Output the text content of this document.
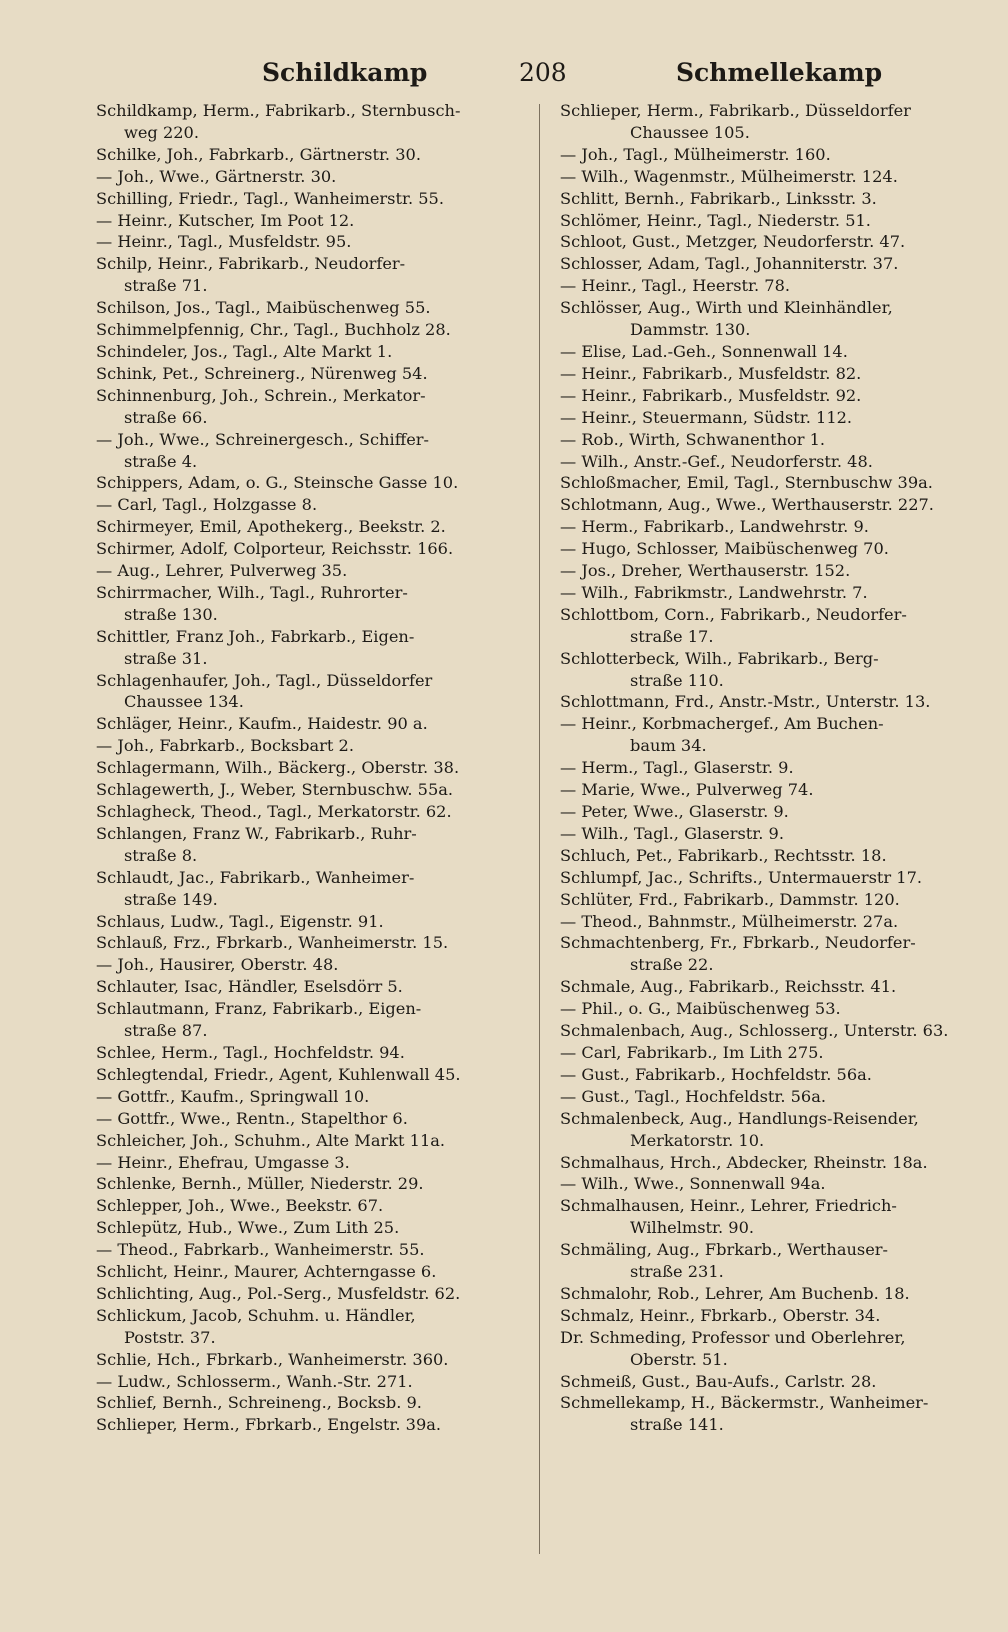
Schildkamp	208	Schmellekamp

Schildkamp, Herm., Fabrikarb., Sternbusch-

weg 220.

Schilke, Joh., Fabrkarb., Gärtnerstr. 30.

— Joh., Wwe., Gärtnerstr. 30.

Schilling, Friedr., Tagl., Wanheimerstr. 55.

— Heinr., Kutscher, Im Poot 12.

— Heinr., Tagl., Musfeldstr. 95.

Schilp, Heinr., Fabrikarb., Neudorfer-

straße 71.

Schilson, Jos., Tagl., Maibüschenweg 55.

Schimmelpfennig, Chr., Tagl., Buchholz 28.

Schindeler, Jos., Tagl., Alte Markt 1.

Schink, Pet., Schreinerg., Nürenweg 54.

Schinnenburg, Joh., Schrein., Merkator-

straße 66.

— Joh., Wwe., Schreinergesch., Schiffer-

straße 4.

Schippers, Adam, o. G., Steinsche Gasse 10.

— Carl, Tagl., Holzgasse 8.

Schirmeyer, Emil, Apothekerg., Beekstr. 2.

Schirmer, Adolf, Colporteur, Reichsstr. 166.

— Aug., Lehrer, Pulverweg 35.

Schirrmacher, Wilh., Tagl., Ruhrorter-

straße 130.

Schittler, Franz Joh., Fabrkarb., Eigen-

straße 31.

Schlagenhaufer, Joh., Tagl., Düsseldorfer

Chaussee 134.

Schläger, Heinr., Kaufm., Haidestr. 90 a.

— Joh., Fabrkarb., Bocksbart 2.

Schlagermann, Wilh., Bäckerg., Oberstr. 38.

Schlagewerth, J., Weber, Sternbuschw. 55a.

Schlagheck, Theod., Tagl., Merkatorstr. 62.

Schlangen, Franz W., Fabrikarb., Ruhr-

straße 8.

Schlaudt, Jac., Fabrikarb., Wanheimer-

straße 149.

Schlaus, Ludw., Tagl., Eigenstr. 91.

Schlauß, Frz., Fbrkarb., Wanheimerstr. 15.

— Joh., Hausirer, Oberstr. 48.

Schlauter, Isac, Händler, Eselsdörr 5.

Schlautmann, Franz, Fabrikarb., Eigen-

straße 87.

Schlee, Herm., Tagl., Hochfeldstr. 94.

Schlegtendal, Friedr., Agent, Kuhlenwall 45.

— Gottfr., Kaufm., Springwall 10.

— Gottfr., Wwe., Rentn., Stapelthor 6.

Schleicher, Joh., Schuhm., Alte Markt 11a.

— Heinr., Ehefrau, Umgasse 3.

Schlenke, Bernh., Müller, Niederstr. 29.

Schlepper, Joh., Wwe., Beekstr. 67.

Schlepütz, Hub., Wwe., Zum Lith 25.

— Theod., Fabrkarb., Wanheimerstr. 55.

Schlicht, Heinr., Maurer, Achterngasse 6.

Schlichting, Aug., Pol.-Serg., Musfeldstr. 62.

Schlickum, Jacob, Schuhm. u. Händler,

Poststr. 37.

Schlie, Hch., Fbrkarb., Wanheimerstr. 360.

— Ludw., Schlosserm., Wanh.-Str. 271.

Schlief, Bernh., Schreineng., Bocksb. 9.

Schlieper, Herm., Fbrkarb., Engelstr. 39a.

Schlieper, Herm., Fabrikarb., Düsseldorfer

Chaussee 105.

— Joh., Tagl., Mülheimerstr. 160.

— Wilh., Wagenmstr., Mülheimerstr. 124.

Schlitt, Bernh., Fabrikarb., Linksstr. 3.

Schlömer, Heinr., Tagl., Niederstr. 51.

Schloot, Gust., Metzger, Neudorferstr. 47.

Schlosser, Adam, Tagl., Johanniterstr. 37.

— Heinr., Tagl., Heerstr. 78.

Schlösser, Aug., Wirth und Kleinhändler,

Dammstr. 130.

— Elise, Lad.-Geh., Sonnenwall 14.

— Heinr., Fabrikarb., Musfeldstr. 82.

— Heinr., Fabrikarb., Musfeldstr. 92.

— Heinr., Steuermann, Südstr. 112.

— Rob., Wirth, Schwanenthor 1.

— Wilh., Anstr.-Gef., Neudorferstr. 48.

Schloßmacher, Emil, Tagl., Sternbuschw 39a.

Schlotmann, Aug., Wwe., Werthauserstr. 227.

— Herm., Fabrikarb., Landwehrstr. 9.

— Hugo, Schlosser, Maibüschenweg 70.

— Jos., Dreher, Werthauserstr. 152.

— Wilh., Fabrikmstr., Landwehrstr. 7.

Schlottbom, Corn., Fabrikarb., Neudorfer-

straße 17.

Schlotterbeck, Wilh., Fabrikarb., Berg-

straße 110.

Schlottmann, Frd., Anstr.-Mstr., Unterstr. 13.

— Heinr., Korbmachergef., Am Buchen-

baum 34.

— Herm., Tagl., Glaserstr. 9.

— Marie, Wwe., Pulverweg 74.

— Peter, Wwe., Glaserstr. 9.

— Wilh., Tagl., Glaserstr. 9.

Schluch, Pet., Fabrikarb., Rechtsstr. 18.

Schlumpf, Jac., Schrifts., Untermauerstr 17.

Schlüter, Frd., Fabrikarb., Dammstr. 120.

— Theod., Bahnmstr., Mülheimerstr. 27a.

Schmachtenberg, Fr., Fbrkarb., Neudorfer-

straße 22.

Schmale, Aug., Fabrikarb., Reichsstr. 41.

— Phil., o. G., Maibüschenweg 53.

Schmalenbach, Aug., Schlosserg., Unterstr. 63.

— Carl, Fabrikarb., Im Lith 275.

— Gust., Fabrikarb., Hochfeldstr. 56a.

— Gust., Tagl., Hochfeldstr. 56a.

Schmalenbeck, Aug., Handlungs-Reisender,

Merkatorstr. 10.

Schmalhaus, Hrch., Abdecker, Rheinstr. 18a.

— Wilh., Wwe., Sonnenwall 94a.

Schmalhausen, Heinr., Lehrer, Friedrich-

Wilhelmstr. 90.

Schmäling, Aug., Fbrkarb., Werthauser-

straße 231.

Schmalohr, Rob., Lehrer, Am Buchenb. 18.

Schmalz, Heinr., Fbrkarb., Oberstr. 34.

Dr. Schmeding, Professor und Oberlehrer,

Oberstr. 51.

Schmeiß, Gust., Bau-Aufs., Carlstr. 28.

Schmellekamp, H., Bäckermstr., Wanheimer-

straße 141.
